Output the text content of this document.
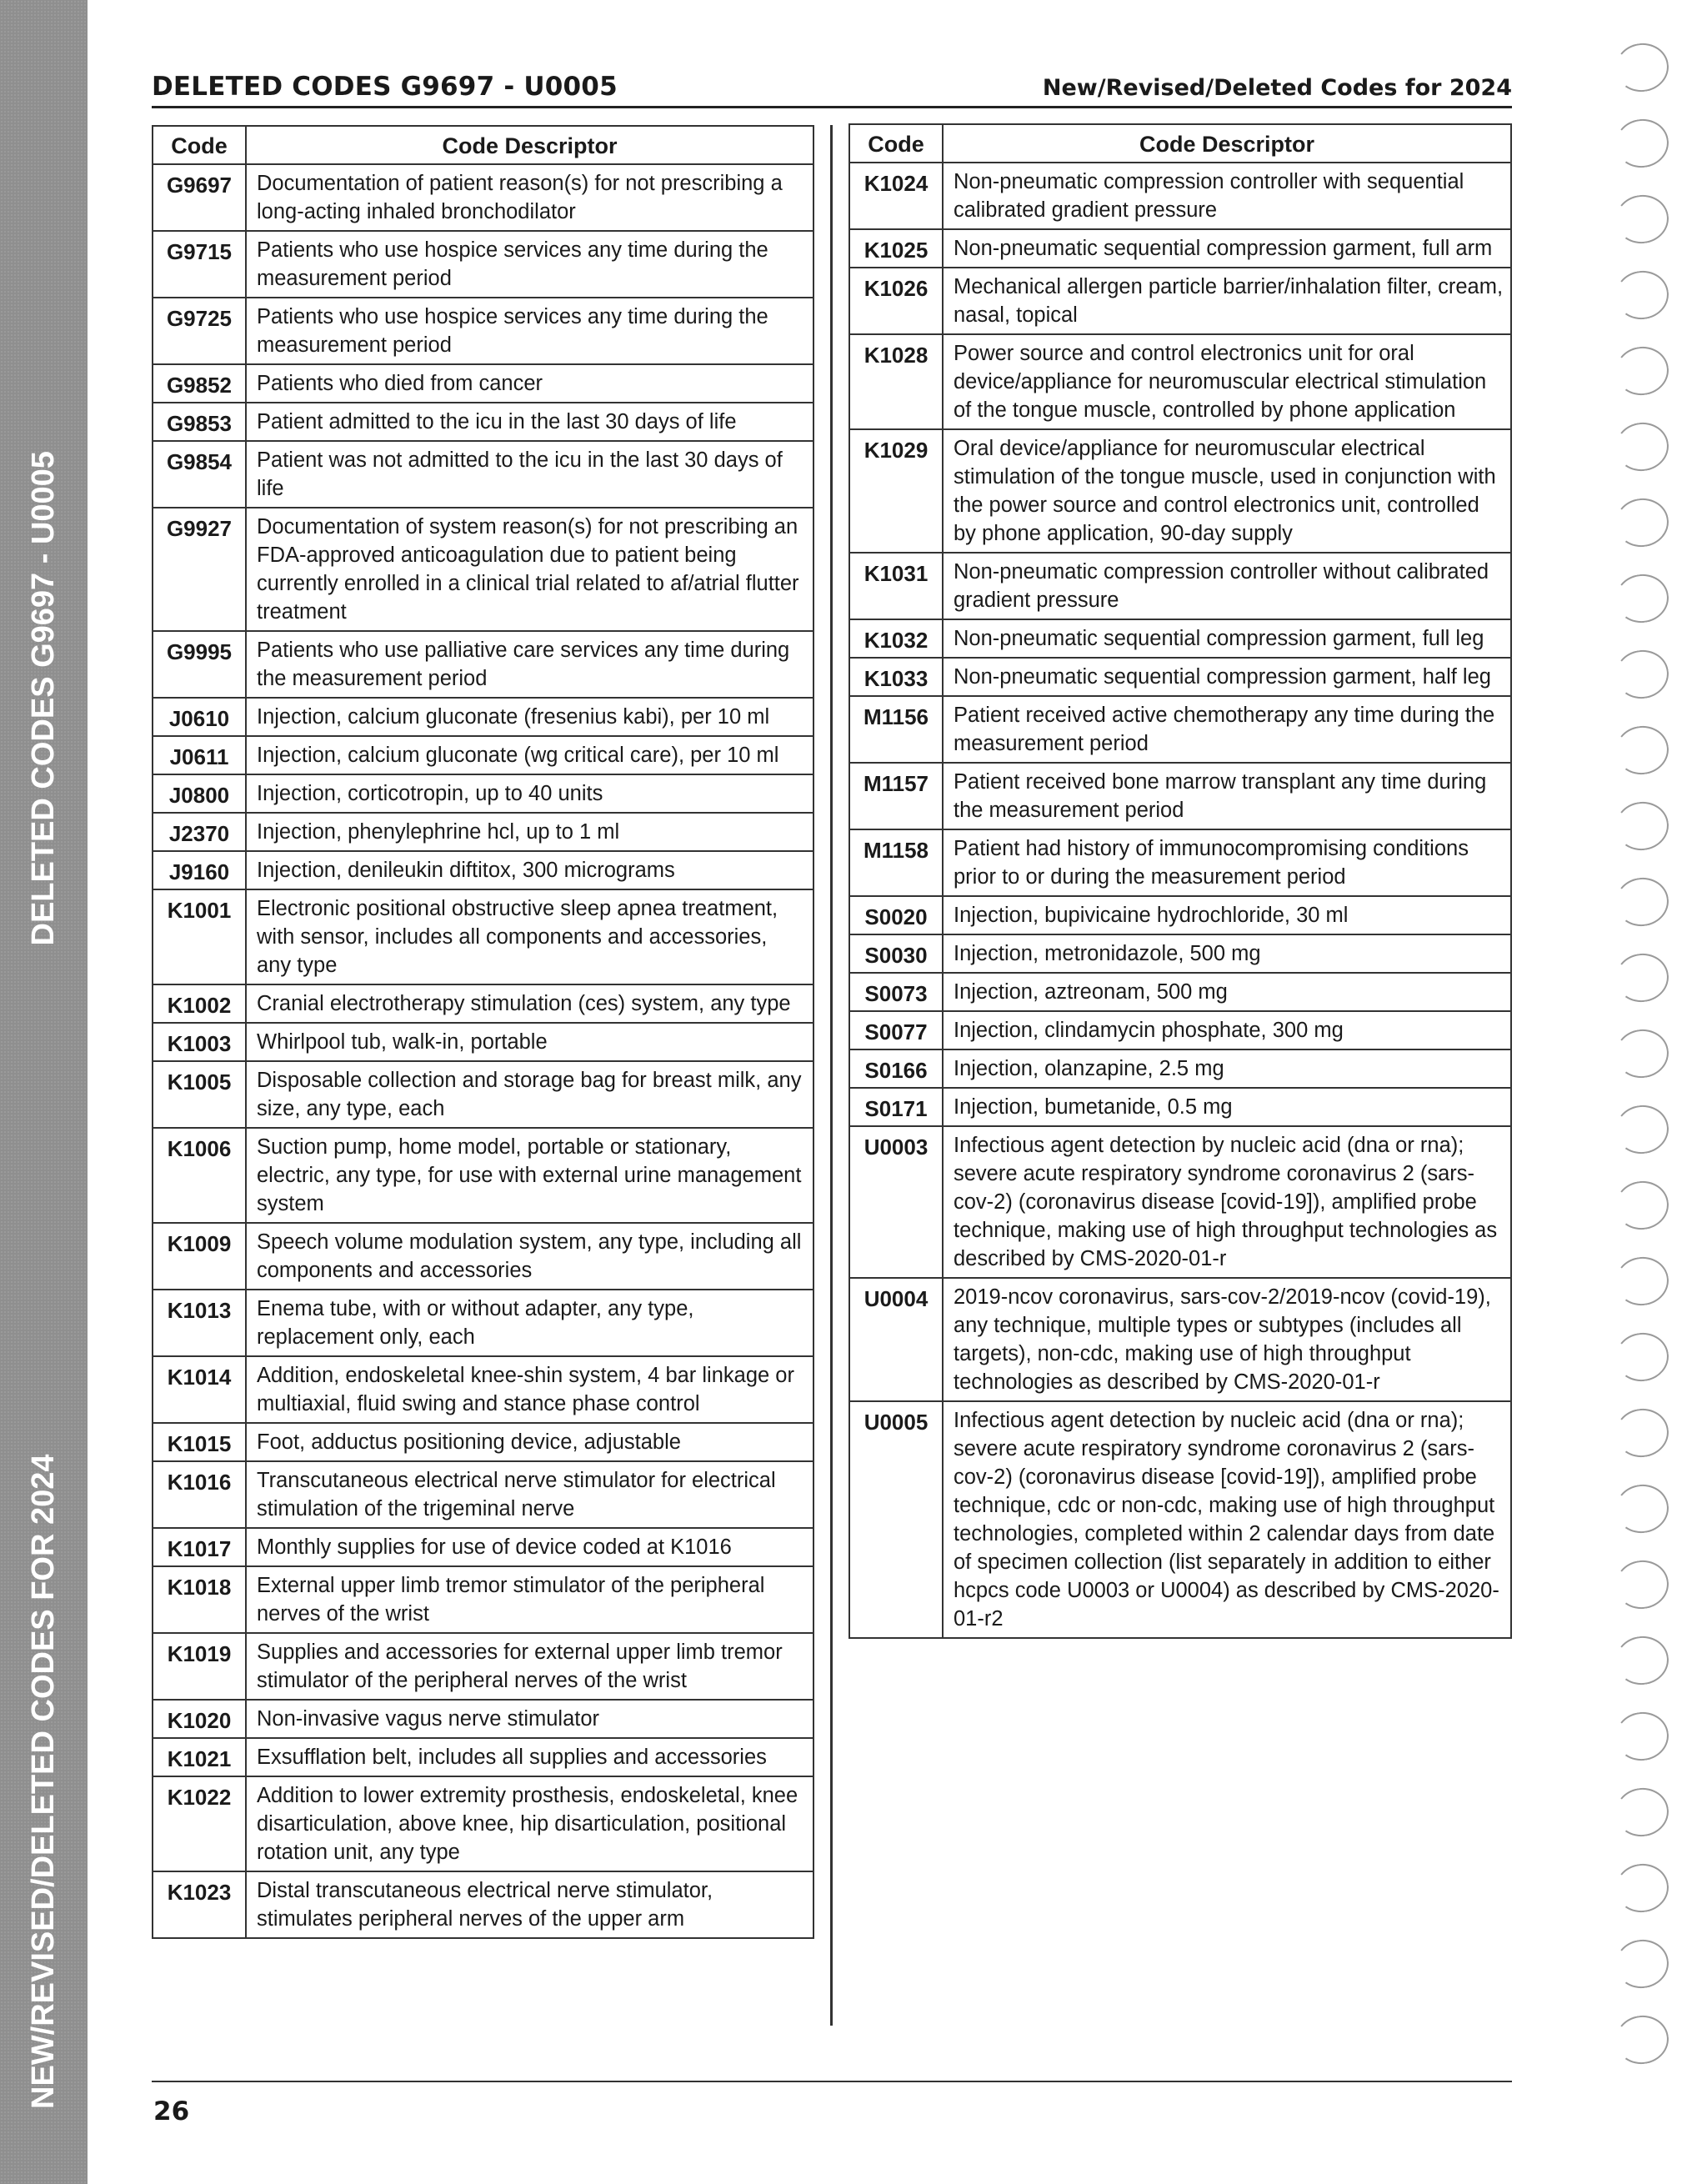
NEW/REVISED/DELETED CODES FOR 2024
DELETED CODES G9697 - U0005
DELETED CODES G9697 - U0005	New/Revised/Deleted Codes for 2024
Code	Code Descriptor
G9697	Documentation of patient reason(s) for not prescribing a long-acting inhaled bronchodilator
G9715	Patients who use hospice services any time during the measurement period
G9725	Patients who use hospice services any time during the measurement period
G9852	Patients who died from cancer
G9853	Patient admitted to the icu in the last 30 days of life
G9854	Patient was not admitted to the icu in the last 30 days of life
G9927	Documentation of system reason(s) for not prescribing an FDA-approved anticoagulation due to patient being currently enrolled in a clinical trial related to af/atrial flutter treatment
G9995	Patients who use palliative care services any time during the measurement period
J0610	Injection, calcium gluconate (fresenius kabi), per 10 ml
J0611	Injection, calcium gluconate (wg critical care), per 10 ml
J0800	Injection, corticotropin, up to 40 units
J2370	Injection, phenylephrine hcl, up to 1 ml
J9160	Injection, denileukin diftitox, 300 micrograms
K1001	Electronic positional obstructive sleep apnea treatment, with sensor, includes all components and accessories, any type
K1002	Cranial electrotherapy stimulation (ces) system, any type
K1003	Whirlpool tub, walk-in, portable
K1005	Disposable collection and storage bag for breast milk, any size, any type, each
K1006	Suction pump, home model, portable or stationary, electric, any type, for use with external urine management system
K1009	Speech volume modulation system, any type, including all components and accessories
K1013	Enema tube, with or without adapter, any type, replacement only, each
K1014	Addition, endoskeletal knee-shin system, 4 bar linkage or multiaxial, fluid swing and stance phase control
K1015	Foot, adductus positioning device, adjustable
K1016	Transcutaneous electrical nerve stimulator for electrical stimulation of the trigeminal nerve
K1017	Monthly supplies for use of device coded at K1016
K1018	External upper limb tremor stimulator of the peripheral nerves of the wrist
K1019	Supplies and accessories for external upper limb tremor stimulator of the peripheral nerves of the wrist
K1020	Non-invasive vagus nerve stimulator
K1021	Exsufflation belt, includes all supplies and accessories
K1022	Addition to lower extremity prosthesis, endoskeletal, knee disarticulation, above knee, hip disarticulation, positional rotation unit, any type
K1023	Distal transcutaneous electrical nerve stimulator, stimulates peripheral nerves of the upper arm
Code	Code Descriptor
K1024	Non-pneumatic compression controller with sequential calibrated gradient pressure
K1025	Non-pneumatic sequential compression garment, full arm
K1026	Mechanical allergen particle barrier/inhalation filter, cream, nasal, topical
K1028	Power source and control electronics unit for oral device/appliance for neuromuscular electrical stimulation of the tongue muscle, controlled by phone application
K1029	Oral device/appliance for neuromuscular electrical stimulation of the tongue muscle, used in conjunction with the power source and control electronics unit, controlled by phone application, 90-day supply
K1031	Non-pneumatic compression controller without calibrated gradient pressure
K1032	Non-pneumatic sequential compression garment, full leg
K1033	Non-pneumatic sequential compression garment, half leg
M1156	Patient received active chemotherapy any time during the measurement period
M1157	Patient received bone marrow transplant any time during the measurement period
M1158	Patient had history of immunocompromising conditions prior to or during the measurement period
S0020	Injection, bupivicaine hydrochloride, 30 ml
S0030	Injection, metronidazole, 500 mg
S0073	Injection, aztreonam, 500 mg
S0077	Injection, clindamycin phosphate, 300 mg
S0166	Injection, olanzapine, 2.5 mg
S0171	Injection, bumetanide, 0.5 mg
U0003	Infectious agent detection by nucleic acid (dna or rna); severe acute respiratory syndrome coronavirus 2 (sars-cov-2) (coronavirus disease [covid-19]), amplified probe technique, making use of high throughput technologies as described by CMS-2020-01-r
U0004	2019-ncov coronavirus, sars-cov-2/2019-ncov (covid-19), any technique, multiple types or subtypes (includes all targets), non-cdc, making use of high throughput technologies as described by CMS-2020-01-r
U0005	Infectious agent detection by nucleic acid (dna or rna); severe acute respiratory syndrome coronavirus 2 (sars-cov-2) (coronavirus disease [covid-19]), amplified probe technique, cdc or non-cdc, making use of high throughput technologies, completed within 2 calendar days from date of specimen collection (list separately in addition to either hcpcs code U0003 or U0004) as described by CMS-2020-01-r2
26
